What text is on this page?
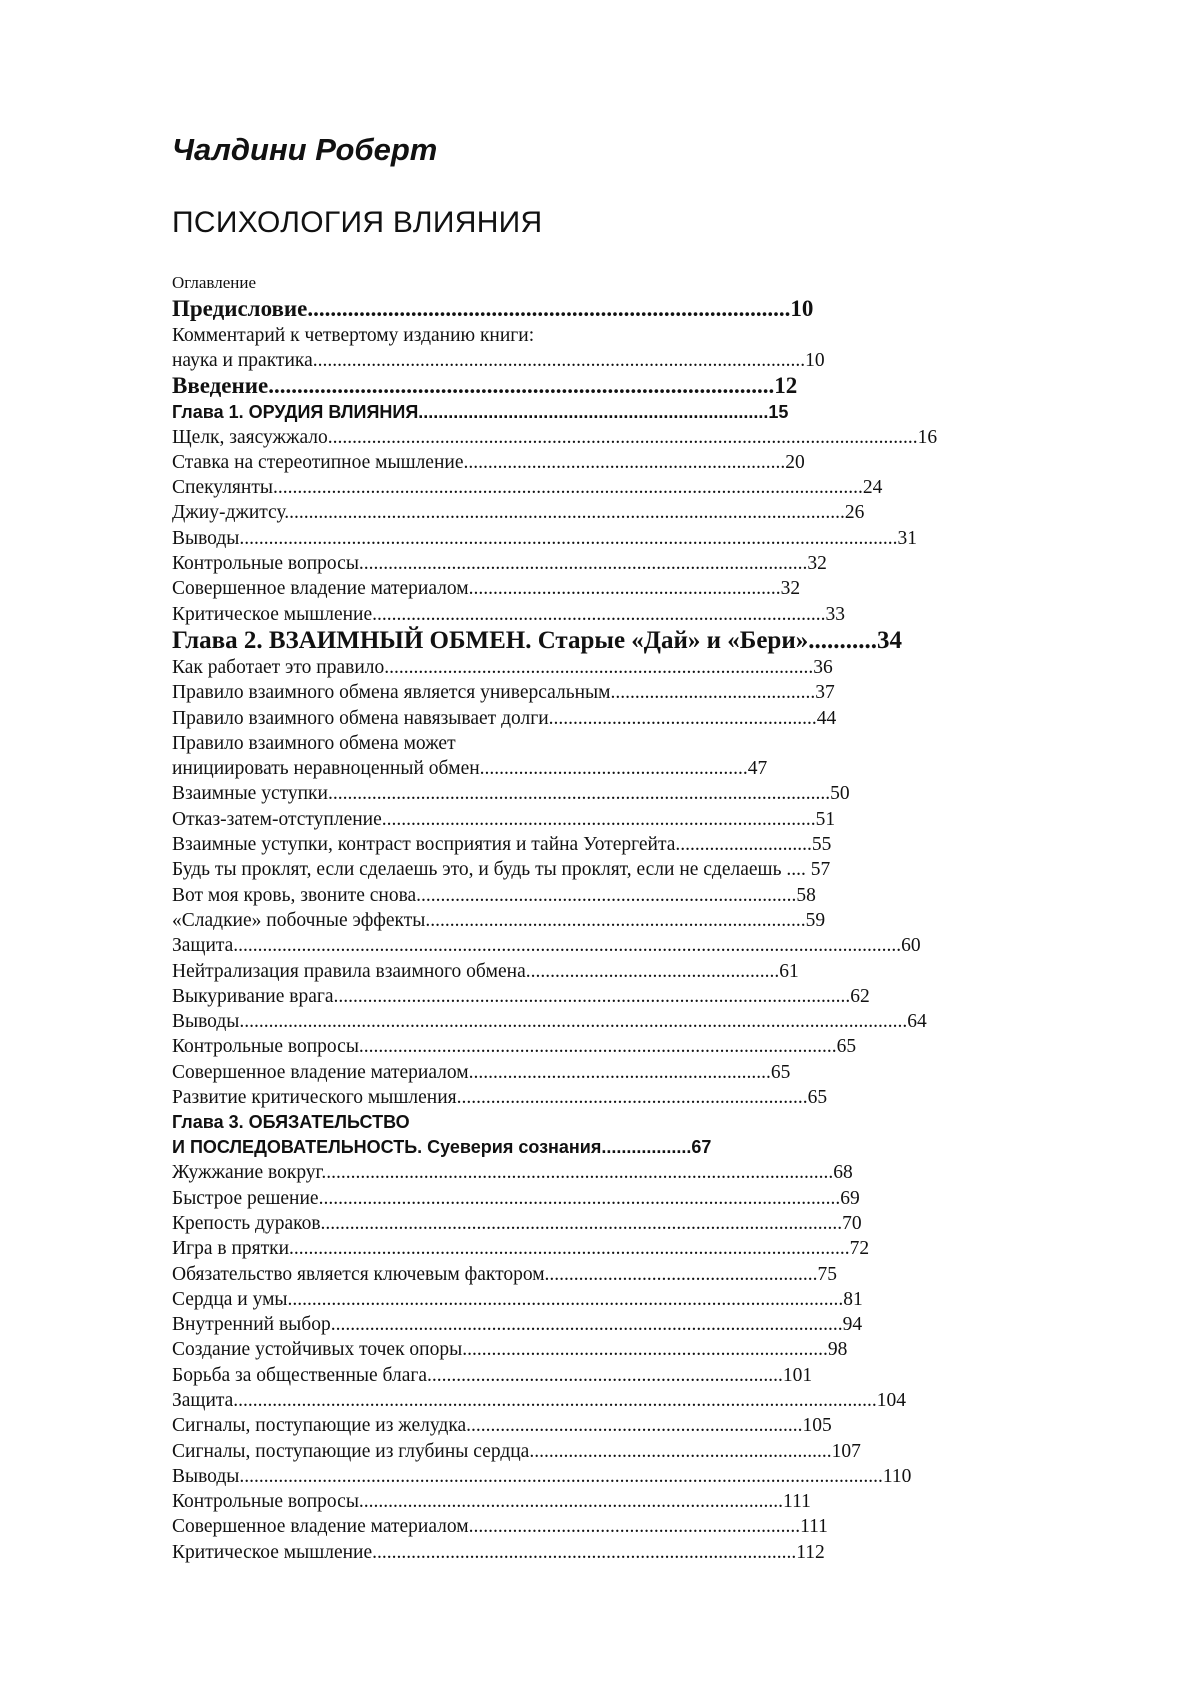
Чалдини Роберт
ПСИХОЛОГИЯ ВЛИЯНИЯ
Оглавление
Предисловие....................................................................................10
Комментарий к четвертому изданию книги:
наука и практика.....................................................................................................10
Введение........................................................................................12
Глава 1. ОРУДИЯ ВЛИЯНИЯ......................................................................15
Щелк, заясужжало.........................................................................................................................16
Ставка на стереотипное мышление..................................................................20
Спекулянты.........................................................................................................................24
Джиу-джитсу...................................................................................................................26
Выводы.......................................................................................................................................31
Контрольные вопросы............................................................................................32
Совершенное владение материалом................................................................32
Критическое мышление.............................................................................................33
Глава 2. ВЗАИМНЫЙ ОБМЕН. Старые «Дай» и «Бери»...........34
Как работает это правило........................................................................................36
Правило взаимного обмена является универсальным..........................................37
Правило взаимного обмена навязывает долги.......................................................44
Правило взаимного обмена может
инициировать неравноценный обмен.......................................................47
Взаимные уступки.......................................................................................................50
Отказ-затем-отступление.........................................................................................51
Взаимные уступки, контраст восприятия и тайна Уотергейта............................55
Будь ты проклят, если сделаешь это, и будь ты проклят, если не сделаешь .... 57
Вот моя кровь, звоните снова..............................................................................58
«Сладкие» побочные эффекты..............................................................................59
Защита.........................................................................................................................................60
Нейтрализация правила взаимного обмена....................................................61
Выкуривание врага..........................................................................................................62
Выводы.........................................................................................................................................64
Контрольные вопросы..................................................................................................65
Совершенное владение материалом..............................................................65
Развитие критического мышления........................................................................65
Глава 3. ОБЯЗАТЕЛЬСТВО
И ПОСЛЕДОВАТЕЛЬНОСТЬ. Суеверия сознания..................67
Жужжание вокруг.........................................................................................................68
Быстрое решение...........................................................................................................69
Крепость дураков...........................................................................................................70
Игра в прятки...................................................................................................................72
Обязательство является ключевым фактором........................................................75
Сердца и умы..................................................................................................................81
Внутренний выбор.........................................................................................................94
Создание устойчивых точек опоры...........................................................................98
Борьба за общественные блага.........................................................................101
Защита....................................................................................................................................104
Сигналы, поступающие из желудка.....................................................................105
Сигналы, поступающие из глубины сердца..............................................................107
Выводы....................................................................................................................................110
Контрольные вопросы.......................................................................................111
Совершенное владение материалом....................................................................111
Критическое мышление.......................................................................................112
